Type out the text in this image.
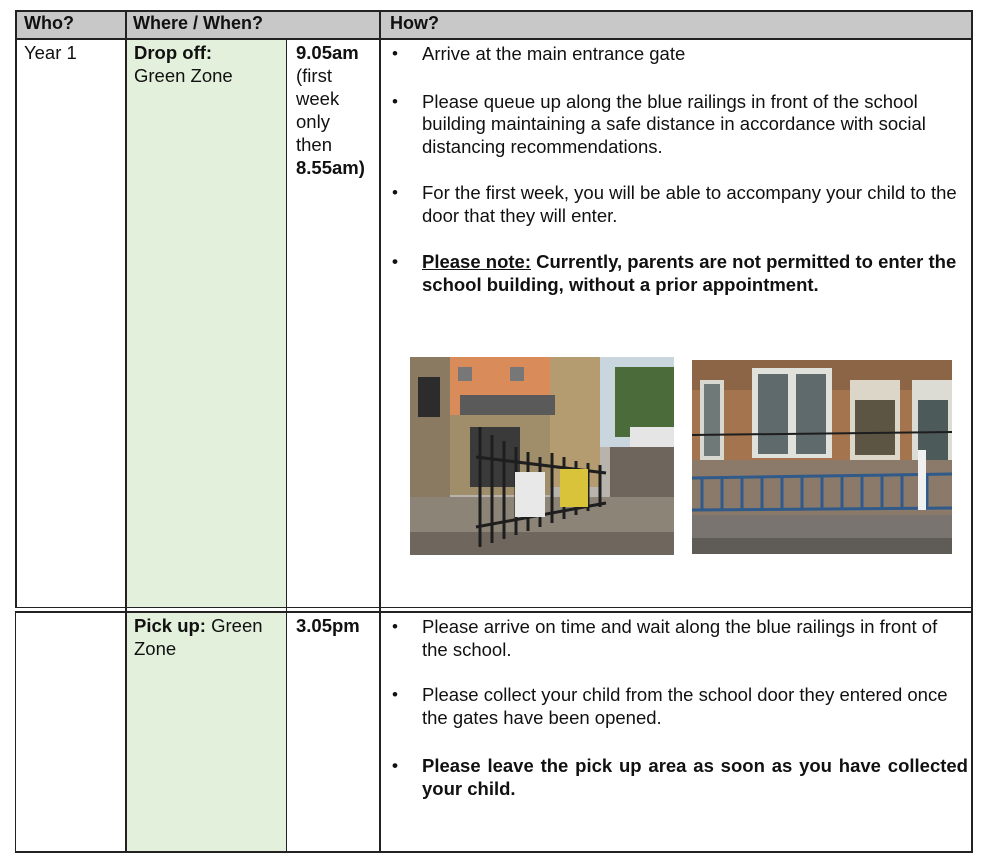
Who?	Where / When?	How?
Year 1	Drop off:
Green Zone
9.05am
(first
week
only
then
8.55am)
• Arrive at the main entrance gate
• Please queue up along the blue railings in front of the school building maintaining a safe distance in accordance with social distancing recommendations.
• For the first week, you will be able to accompany your child to the door that they will enter.
• Please note: Currently, parents are not permitted to enter the school building, without a prior appointment.
Pick up: Green Zone
3.05pm
•	Please arrive on time and wait along the blue railings in front of the school.
• Please collect your child from the school door they entered once the gates have been opened.
• Please leave the pick up area as soon as you have collected your child.
